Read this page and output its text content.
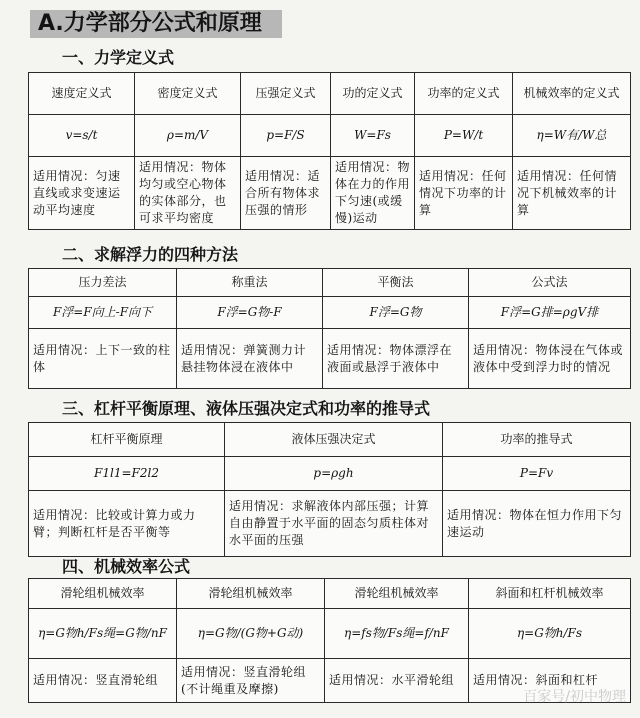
A.力学部分公式和原理
一、力学定义式
速度定义式	密度定义式	压强定义式	功的定义式	功率的定义式	机械效率的定义式
v=s/t	ρ=m/V	p=F/S	W=Fs	P=W/t	η=W有/W总
适用情况：匀速直线或求变速运动平均速度	适用情况：物体均匀或空心物体的实体部分，也可求平均密度	适用情况：适合所有物体求压强的情形	适用情况：物体在力的作用下匀速(或缓慢)运动	适用情况：任何情况下功率的计算	适用情况：任何情况下机械效率的计算
二、求解浮力的四种方法
压力差法	称重法	平衡法	公式法
F浮=F向上-F向下	F浮=G物-F	F浮=G物	F浮=G排=ρgV排
适用情况：上下一致的柱体	适用情况：弹簧测力计悬挂物体浸在液体中	适用情况：物体漂浮在液面或悬浮于液体中	适用情况：物体浸在气体或液体中受到浮力时的情况
三、杠杆平衡原理、液体压强决定式和功率的推导式
杠杆平衡原理	液体压强决定式	功率的推导式
F1l1=F2l2	p=ρgh	P=Fv
适用情况：比较或计算力或力臂；判断杠杆是否平衡等	适用情况：求解液体内部压强；计算自由静置于水平面的固态匀质柱体对水平面的压强	适用情况：物体在恒力作用下匀速运动
四、机械效率公式
滑轮组机械效率	滑轮组机械效率	滑轮组机械效率	斜面和杠杆机械效率
η=G物h/Fs绳=G物/nF	η=G物/(G物+G动)	η=fs物/Fs绳=f/nF	η=G物h/Fs
适用情况：竖直滑轮组	适用情况：竖直滑轮组(不计绳重及摩擦)	适用情况：水平滑轮组	适用情况：斜面和杠杆
百家号/初中物理
